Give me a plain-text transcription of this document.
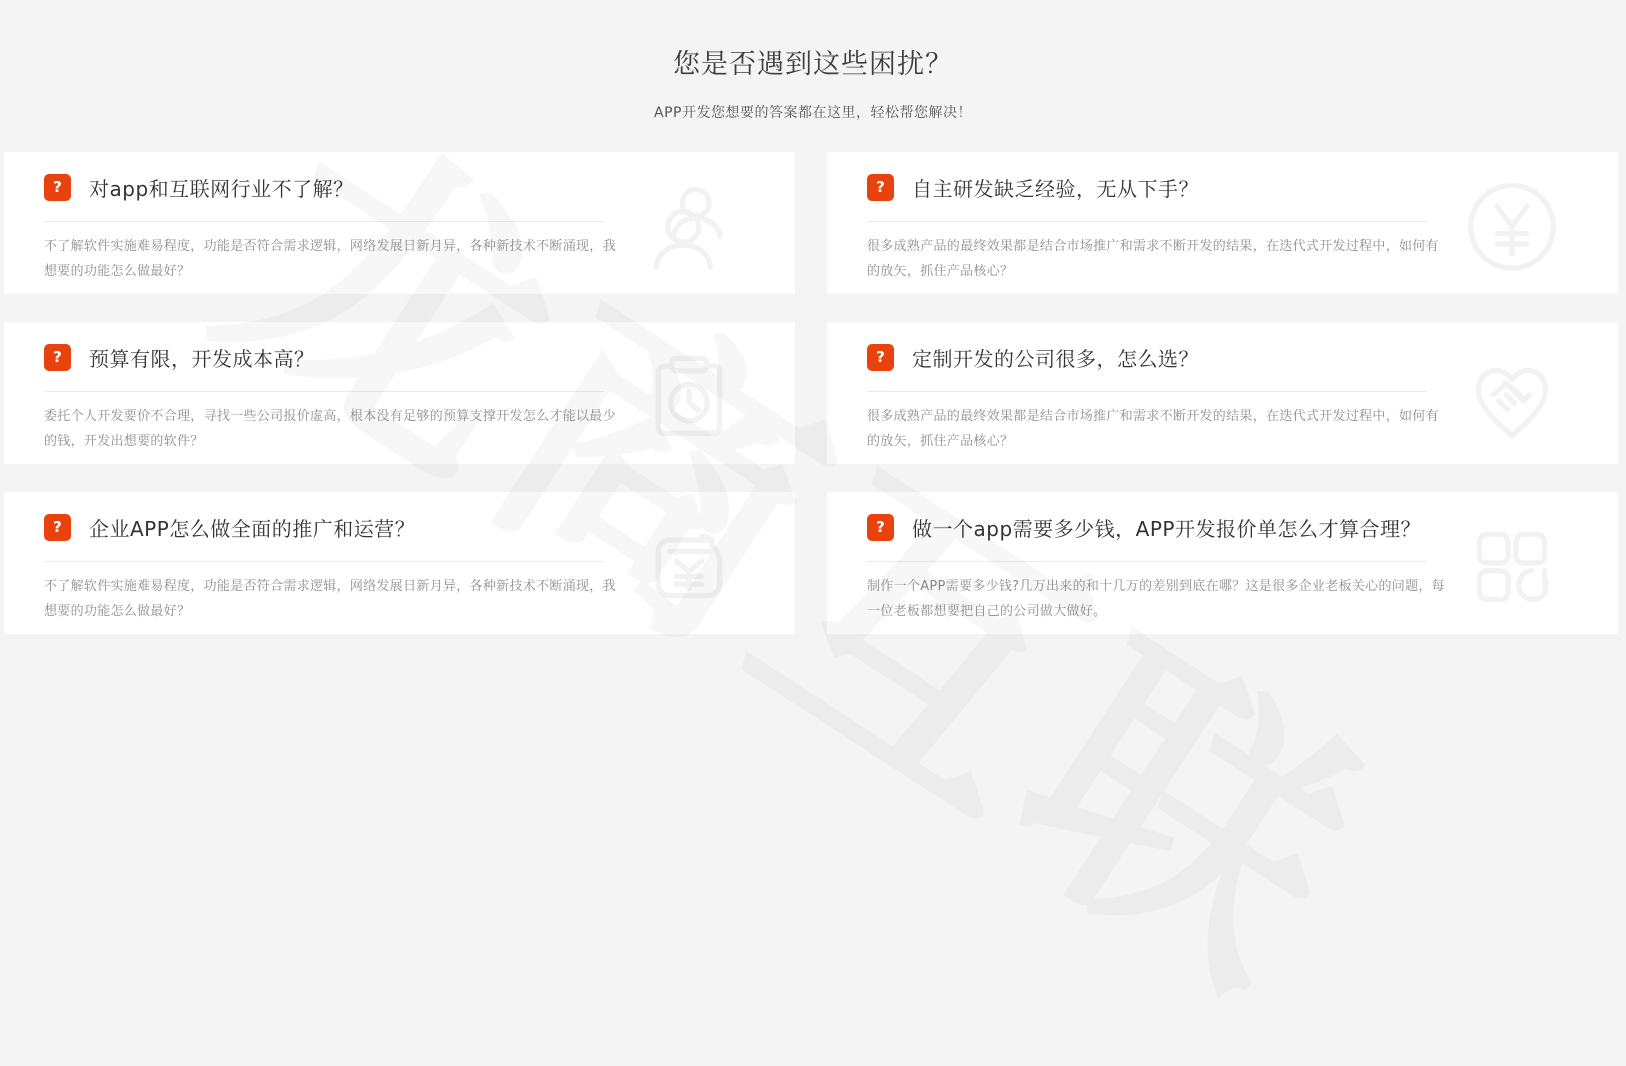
您是否遇到这些困扰？
APP开发您想要的答案都在这里，轻松帮您解决！
?	对app和互联网行业不了解？
不了解软件实施难易程度，功能是否符合需求逻辑，网络发展日新月异，各种新技术不断涌现，我想要的功能怎么做最好？
?	自主研发缺乏经验，无从下手？
很多成熟产品的最终效果都是结合市场推广和需求不断开发的结果，在迭代式开发过程中，如何有的放矢，抓住产品核心？
?	预算有限，开发成本高？
委托个人开发要价不合理，寻找一些公司报价虚高，根本没有足够的预算支撑开发怎么才能以最少的钱，开发出想要的软件？
?	定制开发的公司很多，怎么选？
很多成熟产品的最终效果都是结合市场推广和需求不断开发的结果，在迭代式开发过程中，如何有的放矢，抓住产品核心？
?	企业APP怎么做全面的推广和运营？
不了解软件实施难易程度，功能是否符合需求逻辑，网络发展日新月异，各种新技术不断涌现，我想要的功能怎么做最好？
?	做一个app需要多少钱，APP开发报价单怎么才算合理？
制作一个APP需要多少钱?几万出来的和十几万的差别到底在哪？这是很多企业老板关心的问题，每一位老板都想要把自己的公司做大做好。
